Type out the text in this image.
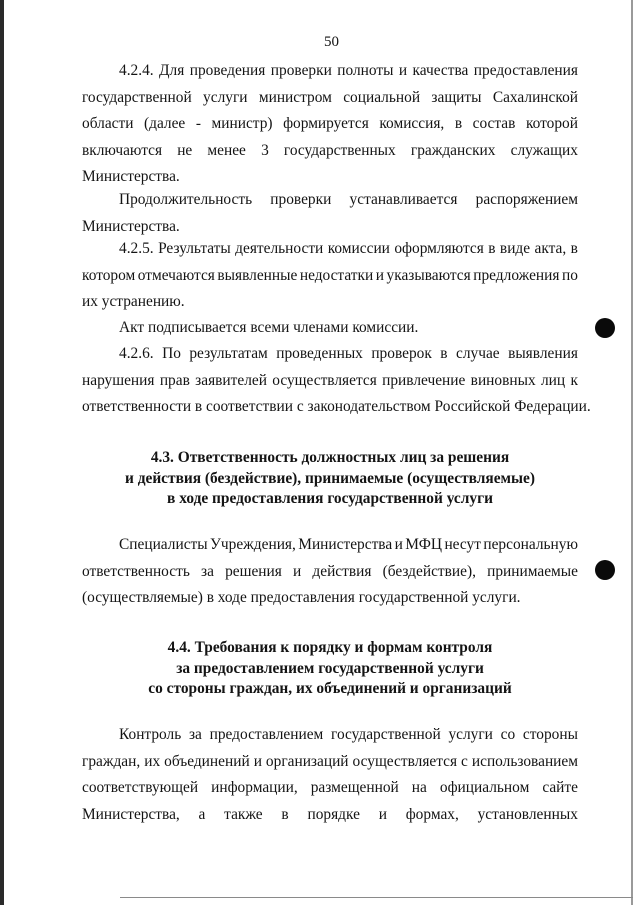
50
4.2.4. Для проведения проверки полноты и качества предоставления
государственной услуги министром социальной защиты Сахалинской
области (далее - министр) формируется комиссия, в состав которой
включаются не менее 3 государственных гражданских служащих
Министерства.
Продолжительность проверки устанавливается распоряжением
Министерства.
4.2.5. Результаты деятельности комиссии оформляются в виде акта, в
котором отмечаются выявленные недостатки и указываются предложения по
их устранению.
Акт подписывается всеми членами комиссии.
4.2.6. По результатам проведенных проверок в случае выявления
нарушения прав заявителей осуществляется привлечение виновных лиц к
ответственности в соответствии с законодательством Российской Федерации.
4.3. Ответственность должностных лиц за решения
и действия (бездействие), принимаемые (осуществляемые)
в ходе предоставления государственной услуги
Специалисты Учреждения, Министерства и МФЦ несут персональную
ответственность за решения и действия (бездействие), принимаемые
(осуществляемые) в ходе предоставления государственной услуги.
4.4. Требования к порядку и формам контроля
за предоставлением государственной услуги
со стороны граждан, их объединений и организаций
Контроль за предоставлением государственной услуги со стороны
граждан, их объединений и организаций осуществляется с использованием
соответствующей информации, размещенной на официальном сайте
Министерства, а также в порядке и формах, установленных
